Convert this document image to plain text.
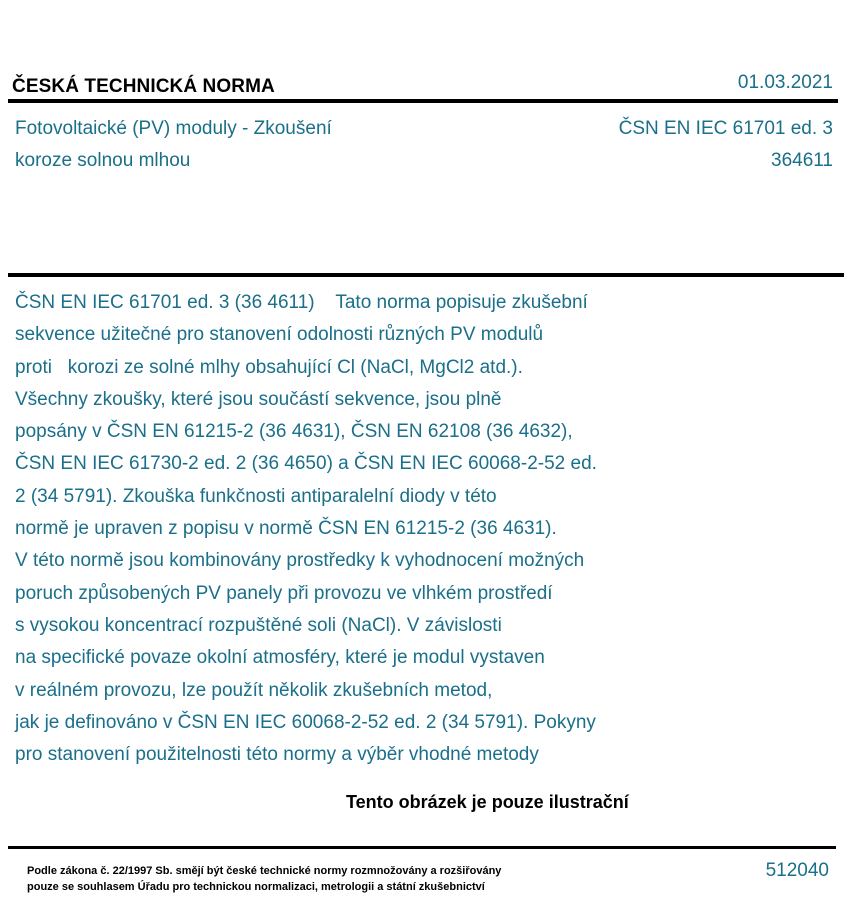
ČESKÁ TECHNICKÁ NORMA	01.03.2021
Fotovoltaické (PV) moduly - Zkoušení
koroze solnou mlhou
ČSN EN IEC 61701 ed. 3
364611
ČSN EN IEC 61701 ed. 3 (36 4611)    Tato norma popisuje zkušební
sekvence užitečné pro stanovení odolnosti různých PV modulů
proti   korozi ze solné mlhy obsahující Cl (NaCl, MgCl2 atd.).
Všechny zkoušky, které jsou součástí sekvence, jsou plně
popsány v ČSN EN 61215-2 (36 4631), ČSN EN 62108 (36 4632),
ČSN EN IEC 61730-2 ed. 2 (36 4650) a ČSN EN IEC 60068-2-52 ed.
2 (34 5791). Zkouška funkčnosti antiparalelní diody v této
normě je upraven z popisu v normě ČSN EN 61215-2 (36 4631).
V této normě jsou kombinovány prostředky k vyhodnocení možných
poruch způsobených PV panely při provozu ve vlhkém prostředí
s vysokou koncentrací rozpuštěné soli (NaCl). V závislosti
na specifické povaze okolní atmosféry, které je modul vystaven
v reálném provozu, lze použít několik zkušebních metod,
jak je definováno v ČSN EN IEC 60068-2-52 ed. 2 (34 5791). Pokyny
pro stanovení použitelnosti této normy a výběr vhodné metody
Tento obrázek je pouze ilustrační
Podle zákona č. 22/1997 Sb. smějí být české technické normy rozmnožovány a rozšiřovány
pouze se souhlasem Úřadu pro technickou normalizaci, metrologii a státní zkušebnictví
512040
